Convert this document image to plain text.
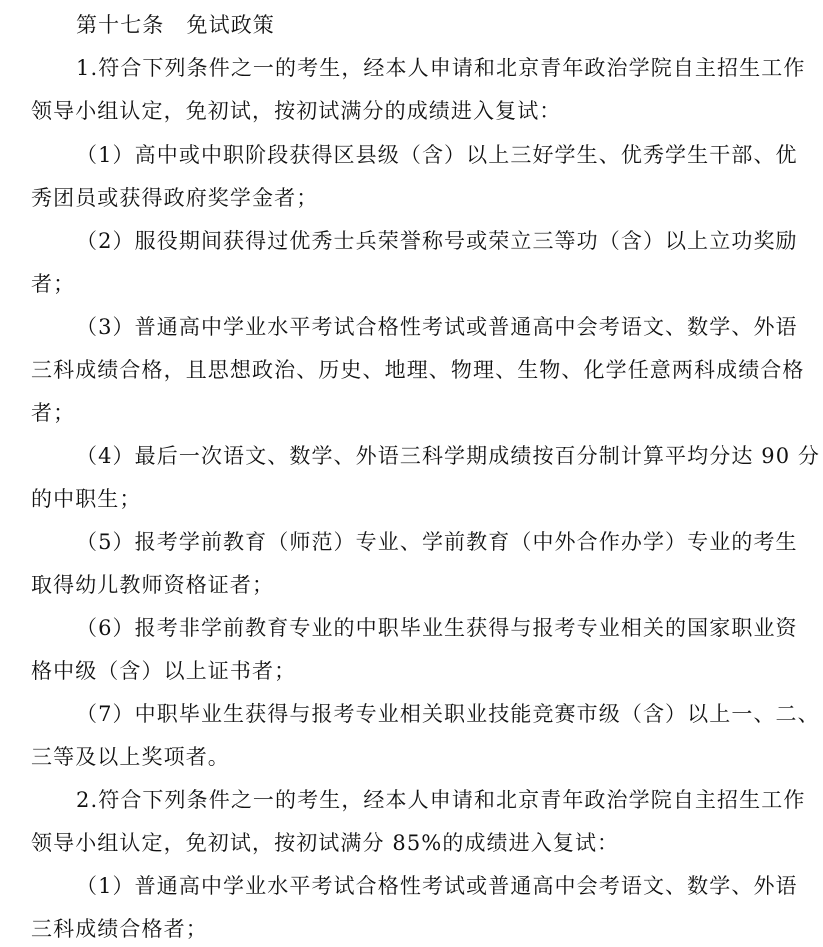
第十七条　免试政策
1.符合下列条件之一的考生，经本人申请和北京青年政治学院自主招生工作
领导小组认定，免初试，按初试满分的成绩进入复试：
（1）高中或中职阶段获得区县级（含）以上三好学生、优秀学生干部、优
秀团员或获得政府奖学金者；
（2）服役期间获得过优秀士兵荣誉称号或荣立三等功（含）以上立功奖励
者；
（3）普通高中学业水平考试合格性考试或普通高中会考语文、数学、外语
三科成绩合格，且思想政治、历史、地理、物理、生物、化学任意两科成绩合格
者；
（4）最后一次语文、数学、外语三科学期成绩按百分制计算平均分达 90 分
的中职生；
（5）报考学前教育（师范）专业、学前教育（中外合作办学）专业的考生
取得幼儿教师资格证者；
（6）报考非学前教育专业的中职毕业生获得与报考专业相关的国家职业资
格中级（含）以上证书者；
（7）中职毕业生获得与报考专业相关职业技能竞赛市级（含）以上一、二、
三等及以上奖项者。
2.符合下列条件之一的考生，经本人申请和北京青年政治学院自主招生工作
领导小组认定，免初试，按初试满分 85%的成绩进入复试：
（1）普通高中学业水平考试合格性考试或普通高中会考语文、数学、外语
三科成绩合格者；
